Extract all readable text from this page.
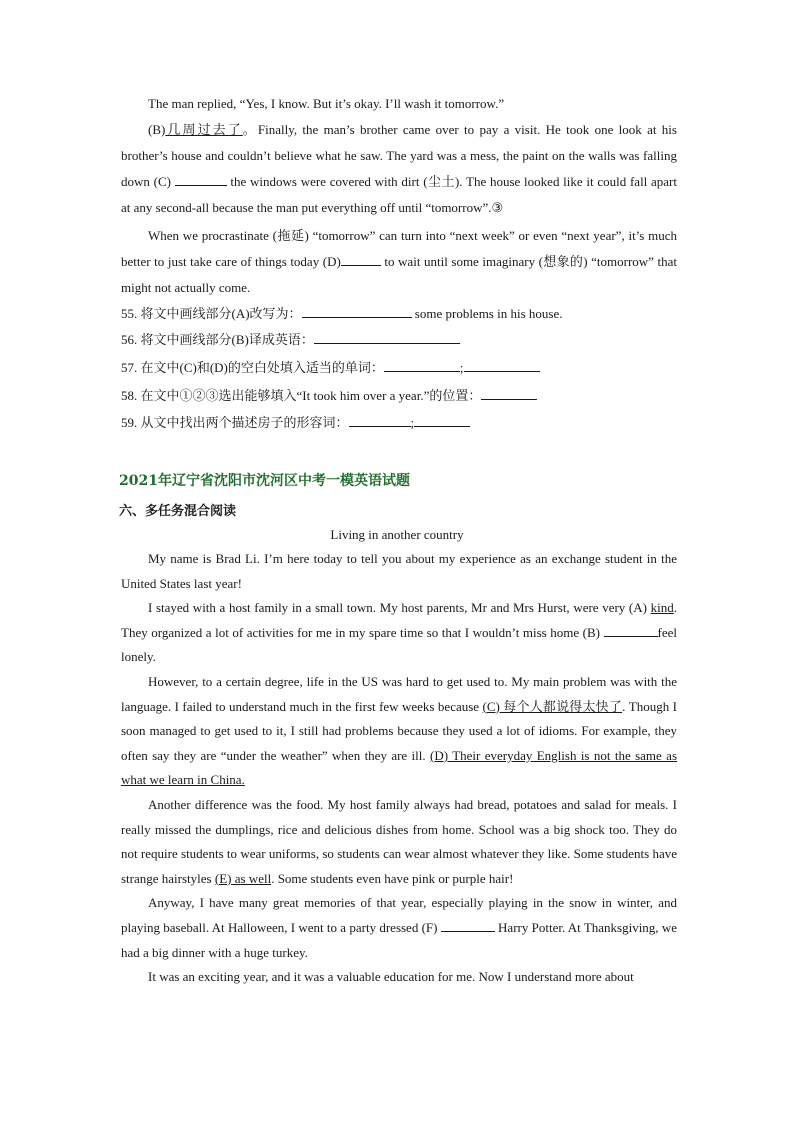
The man replied, “Yes, I know. But it’s okay. I’ll wash it tomorrow.”

(B)几周过去了。Finally, the man’s brother came over to pay a visit. He took one look at his brother’s house and couldn’t believe what he saw. The yard was a mess, the paint on the walls was falling down (C)	the windows were covered with dirt (尘土). The house looked like it could fall apart at any second-all because the man put everything off until “tomorrow”.③

When we procrastinate (拖延) “tomorrow” can turn into “next week” or even “next year”, it’s much better to just take care of things today (D)	to wait until some imaginary (想象的) “tomorrow” that might not actually come.

55. 将文中画线部分(A)改写为：	some problems in his house.

56. 将文中画线部分(B)译成英语：

57. 在文中(C)和(D)的空白处填入适当的单词：	;

58. 在文中①②③选出能够填入“It took him over a year.”的位置：

59. 从文中找出两个描述房子的形容词：	;

2021年辽宁省沈阳市沈河区中考一模英语试题

六、多任务混合阅读

Living in another country

My name is Brad Li. I’m here today to tell you about my experience as an exchange student in the United States last year!

I stayed with a host family in a small town. My host parents, Mr and Mrs Hurst, were very (A) kind. They organized a lot of activities for me in my spare time so that I wouldn’t miss home (B)	feel lonely.

However, to a certain degree, life in the US was hard to get used to. My main problem was with the language. I failed to understand much in the first few weeks because (C) 每个人都说得太快了. Though I soon managed to get used to it, I still had problems because they used a lot of idioms. For example, they often say they are “under the weather” when they are ill. (D) Their everyday English is not the same as what we learn in China.

Another difference was the food. My host family always had bread, potatoes and salad for meals. I really missed the dumplings, rice and delicious dishes from home. School was a big shock too. They do not require students to wear uniforms, so students can wear almost whatever they like. Some students have strange hairstyles (E) as well. Some students even have pink or purple hair!

Anyway, I have many great memories of that year, especially playing in the snow in winter, and playing baseball. At Halloween, I went to a party dressed (F)	Harry Potter. At Thanksgiving, we had a big dinner with a huge turkey.

It was an exciting year, and it was a valuable education for me. Now I understand more about
